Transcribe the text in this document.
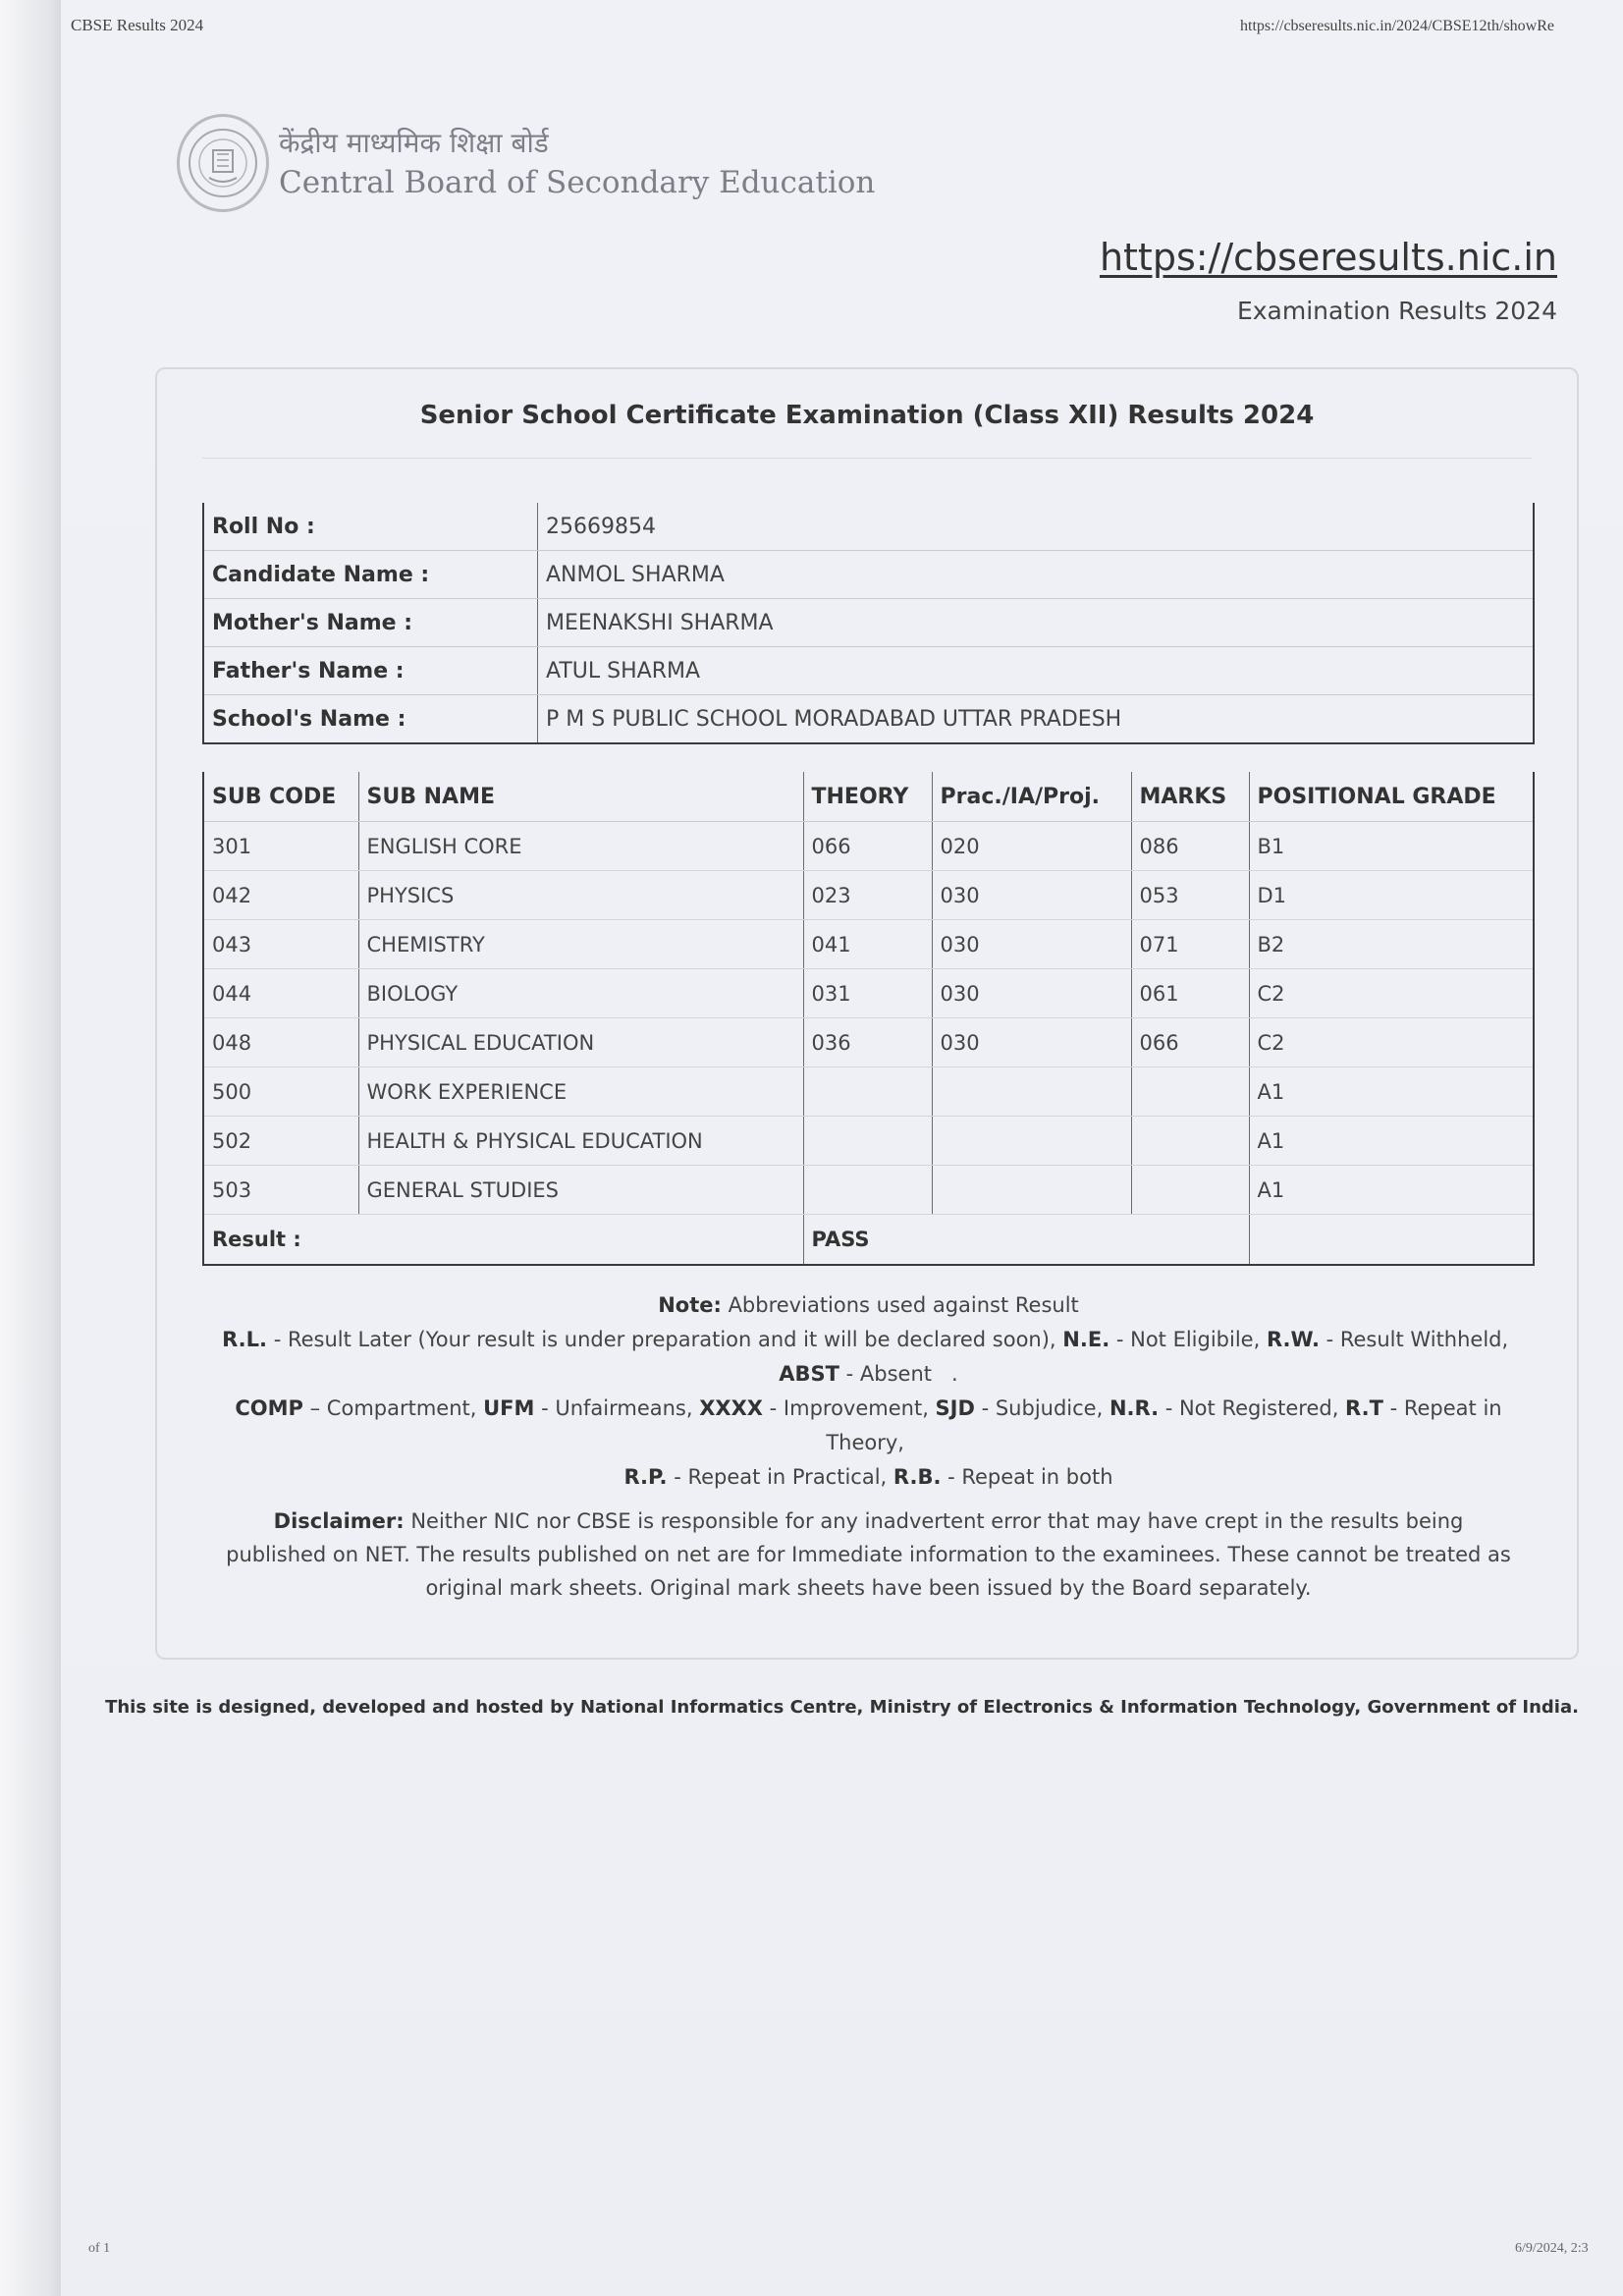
CBSE Results 2024	https://cbseresults.nic.in/2024/CBSE12th/showRe
केंद्रीय माध्यमिक शिक्षा बोर्ड
Central Board of Secondary Education
https://cbseresults.nic.in
Examination Results 2024
Senior School Certificate Examination (Class XII) Results 2024
Roll No :	25669854
Candidate Name :	ANMOL SHARMA
Mother's Name :	MEENAKSHI SHARMA
Father's Name :	ATUL SHARMA
School's Name :	P M S PUBLIC SCHOOL MORADABAD UTTAR PRADESH
SUB CODE	SUB NAME	THEORY	Prac./IA/Proj.	MARKS	POSITIONAL GRADE
301	ENGLISH CORE	066	020	086	B1
042	PHYSICS	023	030	053	D1
043	CHEMISTRY	041	030	071	B2
044	BIOLOGY	031	030	061	C2
048	PHYSICAL EDUCATION	036	030	066	C2
500	WORK EXPERIENCE				A1
502	HEALTH & PHYSICAL EDUCATION				A1
503	GENERAL STUDIES				A1
Result :		PASS			
Note: Abbreviations used against Result
R.L. - Result Later (Your result is under preparation and it will be declared soon), N.E. - Not Eligibile, R.W. - Result Withheld,
ABST - Absent   .
COMP – Compartment, UFM - Unfairmeans, XXXX - Improvement, SJD - Subjudice, N.R. - Not Registered, R.T - Repeat in Theory,
R.P. - Repeat in Practical, R.B. - Repeat in both
Disclaimer: Neither NIC nor CBSE is responsible for any inadvertent error that may have crept in the results being published on NET. The results published on net are for Immediate information to the examinees. These cannot be treated as original mark sheets. Original mark sheets have been issued by the Board separately.
This site is designed, developed and hosted by National Informatics Centre, Ministry of Electronics & Information Technology, Government of India.
of 1	6/9/2024, 2:3
